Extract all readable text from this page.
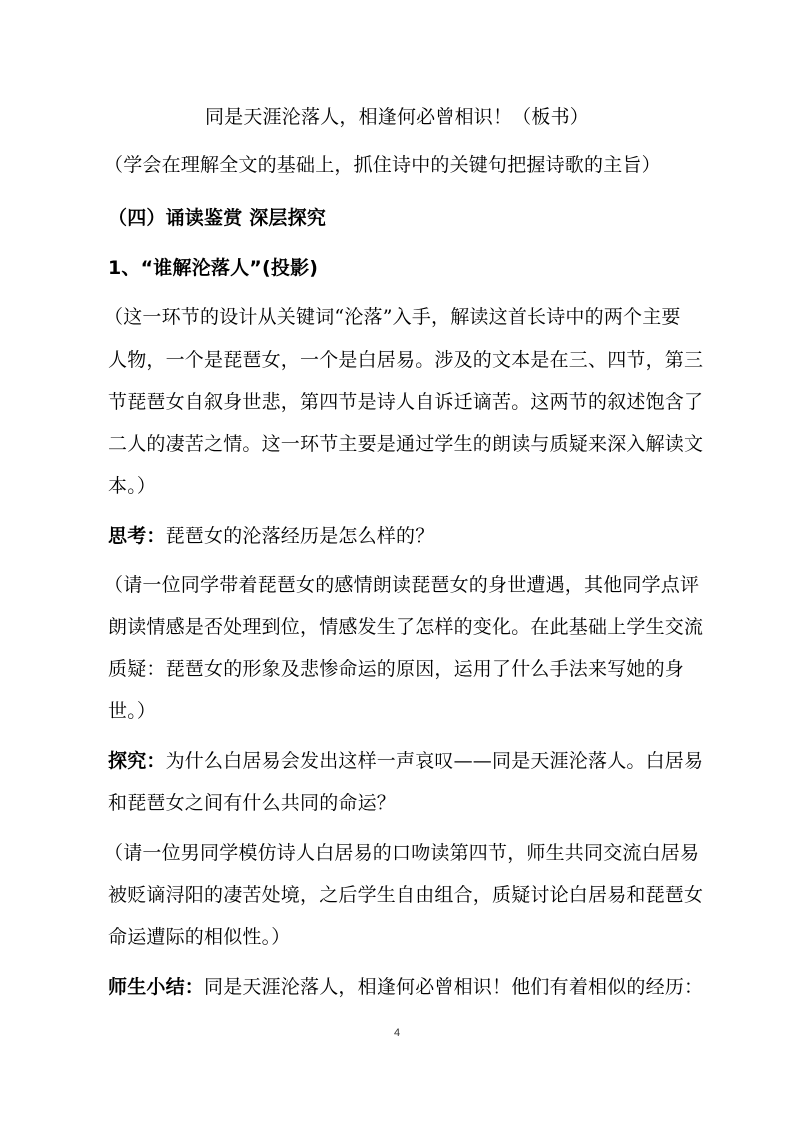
同是天涯沦落人，相逢何必曾相识！（板书）
（学会在理解全文的基础上，抓住诗中的关键句把握诗歌的主旨）
（四）诵读鉴赏 深层探究
1、“谁解沦落人”(投影)
（这一环节的设计从关键词“沦落”入手，解读这首长诗中的两个主要
人物，一个是琵琶女，一个是白居易。涉及的文本是在三、四节，第三
节琵琶女自叙身世悲，第四节是诗人自诉迁谪苦。这两节的叙述饱含了
二人的凄苦之情。这一环节主要是通过学生的朗读与质疑来深入解读文
本。）
思考：琵琶女的沦落经历是怎么样的？
（请一位同学带着琵琶女的感情朗读琵琶女的身世遭遇，其他同学点评
朗读情感是否处理到位，情感发生了怎样的变化。在此基础上学生交流
质疑：琵琶女的形象及悲惨命运的原因，运用了什么手法来写她的身
世。）
探究：为什么白居易会发出这样一声哀叹——同是天涯沦落人。白居易
和琵琶女之间有什么共同的命运？
（请一位男同学模仿诗人白居易的口吻读第四节，师生共同交流白居易
被贬谪浔阳的凄苦处境，之后学生自由组合，质疑讨论白居易和琵琶女
命运遭际的相似性。）
师生小结：同是天涯沦落人，相逢何必曾相识！他们有着相似的经历：
4
